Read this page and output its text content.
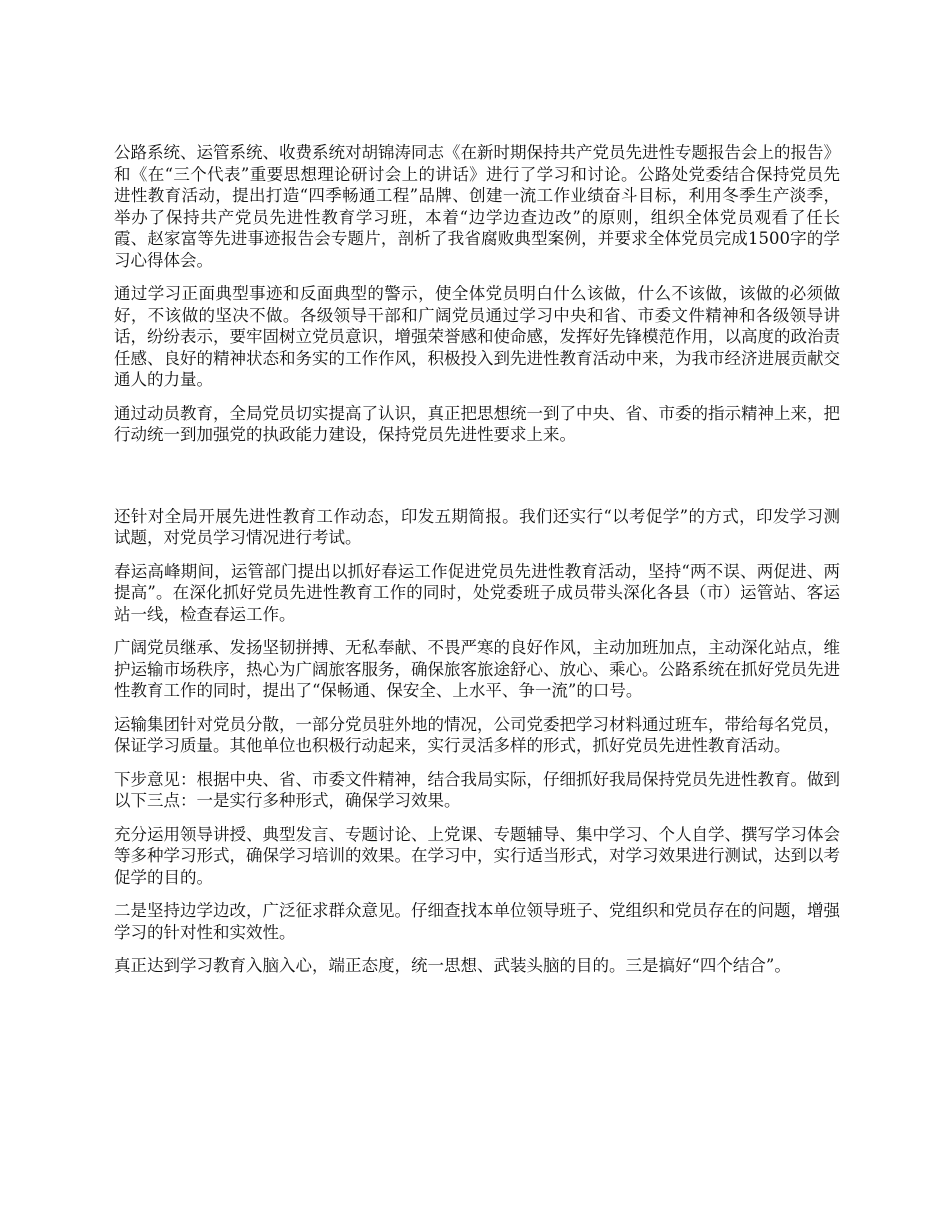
公路系统、运管系统、收费系统对胡锦涛同志《在新时期保持共产党员先进性专题报告会上的报告》和《在“三个代表”重要思想理论研讨会上的讲话》进行了学习和讨论。公路处党委结合保持党员先进性教育活动，提出打造“四季畅通工程”品牌、创建一流工作业绩奋斗目标，利用冬季生产淡季，举办了保持共产党员先进性教育学习班，本着“边学边查边改”的原则，组织全体党员观看了任长霞、赵家富等先进事迹报告会专题片，剖析了我省腐败典型案例，并要求全体党员完成1500字的学习心得体会。

通过学习正面典型事迹和反面典型的警示，使全体党员明白什么该做，什么不该做，该做的必须做好，不该做的坚决不做。各级领导干部和广阔党员通过学习中央和省、市委文件精神和各级领导讲话，纷纷表示，要牢固树立党员意识，增强荣誉感和使命感，发挥好先锋模范作用，以高度的政治责任感、良好的精神状态和务实的工作作风，积极投入到先进性教育活动中来，为我市经济进展贡献交通人的力量。

通过动员教育，全局党员切实提高了认识，真正把思想统一到了中央、省、市委的指示精神上来，把行动统一到加强党的执政能力建设，保持党员先进性要求上来。

还针对全局开展先进性教育工作动态，印发五期简报。我们还实行“以考促学”的方式，印发学习测试题，对党员学习情况进行考试。

春运高峰期间，运管部门提出以抓好春运工作促进党员先进性教育活动，坚持“两不误、两促进、两提高”。在深化抓好党员先进性教育工作的同时，处党委班子成员带头深化各县（市）运管站、客运站一线，检查春运工作。

广阔党员继承、发扬坚韧拼搏、无私奉献、不畏严寒的良好作风，主动加班加点，主动深化站点，维护运输市场秩序，热心为广阔旅客服务，确保旅客旅途舒心、放心、乘心。公路系统在抓好党员先进性教育工作的同时，提出了“保畅通、保安全、上水平、争一流”的口号。

运输集团针对党员分散，一部分党员驻外地的情况，公司党委把学习材料通过班车，带给每名党员，保证学习质量。其他单位也积极行动起来，实行灵活多样的形式，抓好党员先进性教育活动。

下步意见：根据中央、省、市委文件精神，结合我局实际，仔细抓好我局保持党员先进性教育。做到以下三点：一是实行多种形式，确保学习效果。

充分运用领导讲授、典型发言、专题讨论、上党课、专题辅导、集中学习、个人自学、撰写学习体会等多种学习形式，确保学习培训的效果。在学习中，实行适当形式，对学习效果进行测试，达到以考促学的目的。

二是坚持边学边改，广泛征求群众意见。仔细查找本单位领导班子、党组织和党员存在的问题，增强学习的针对性和实效性。

真正达到学习教育入脑入心，端正态度，统一思想、武装头脑的目的。三是搞好“四个结合”。
